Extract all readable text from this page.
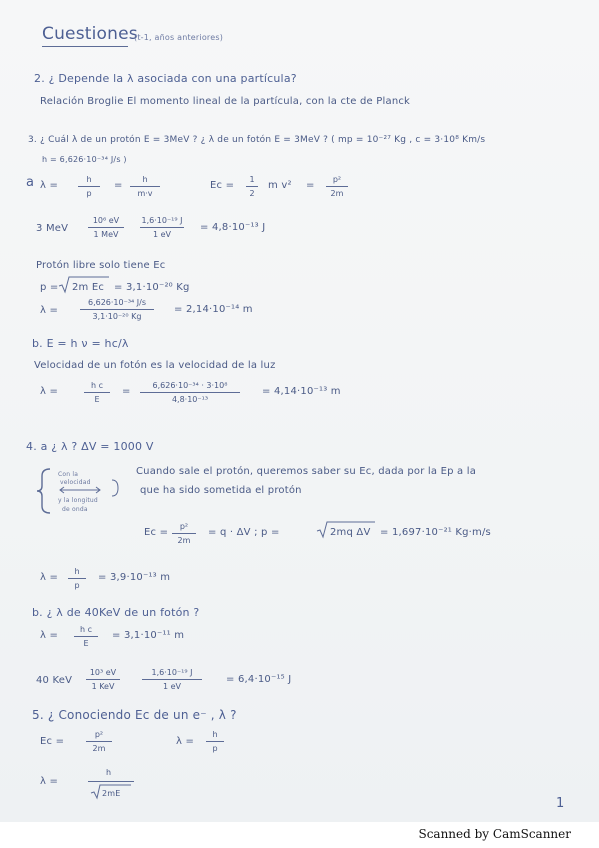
Cuestiones
(t-1, años anteriores)
2. ¿ Depende la λ asociada con una partícula?
Relación Broglie El momento lineal de la partícula, con la cte de Planck
3. ¿ Cuál λ de un protón E = 3MeV ? ¿ λ de un fotón E = 3MeV ? ( mp = 10⁻²⁷ Kg , c = 3·10⁸ Km/s
h = 6,626·10⁻³⁴ J/s )
a λ =
h
p
=
h
m·v
Ec =
1
2
m v² =
p²
2m
3 MeV
10⁶ eV
1 MeV
1,6·10⁻¹⁹ J
1 eV
= 4,8·10⁻¹³ J
Protón libre solo tiene Ec
p = 2m Ec = 3,1·10⁻²⁰ Kg
λ =
6,626·10⁻³⁴ J/s
3,1·10⁻²⁰ Kg
= 2,14·10⁻¹⁴ m
b. E = h ν = hc/λ
Velocidad de un fotón es la velocidad de la luz
λ =
h c
E
=
6,626·10⁻³⁴ · 3·10⁸
4,8·10⁻¹³
= 4,14·10⁻¹³ m
4. a ¿ λ ? ΔV = 1000 V
Con la
velocidad
y la longitud
de onda
Cuando sale el protón, queremos saber su Ec, dada por la Ep a la
que ha sido sometida el protón
Ec =
p²
2m
= q · ΔV ; p =	2mq ΔV = 1,697·10⁻²¹ Kg·m/s
λ =
h
p
= 3,9·10⁻¹³ m
b. ¿ λ de 40KeV de un fotón ?
λ =
h c
E
= 3,1·10⁻¹¹ m
40 KeV
10³ eV
1 KeV
1,6·10⁻¹⁹ J
1 eV
= 6,4·10⁻¹⁵ J
5. ¿ Conociendo Ec de un e⁻ , λ ?
Ec =
p²
2m
λ =
h
p
λ =
h
2mE
1
Scanned by CamScanner
